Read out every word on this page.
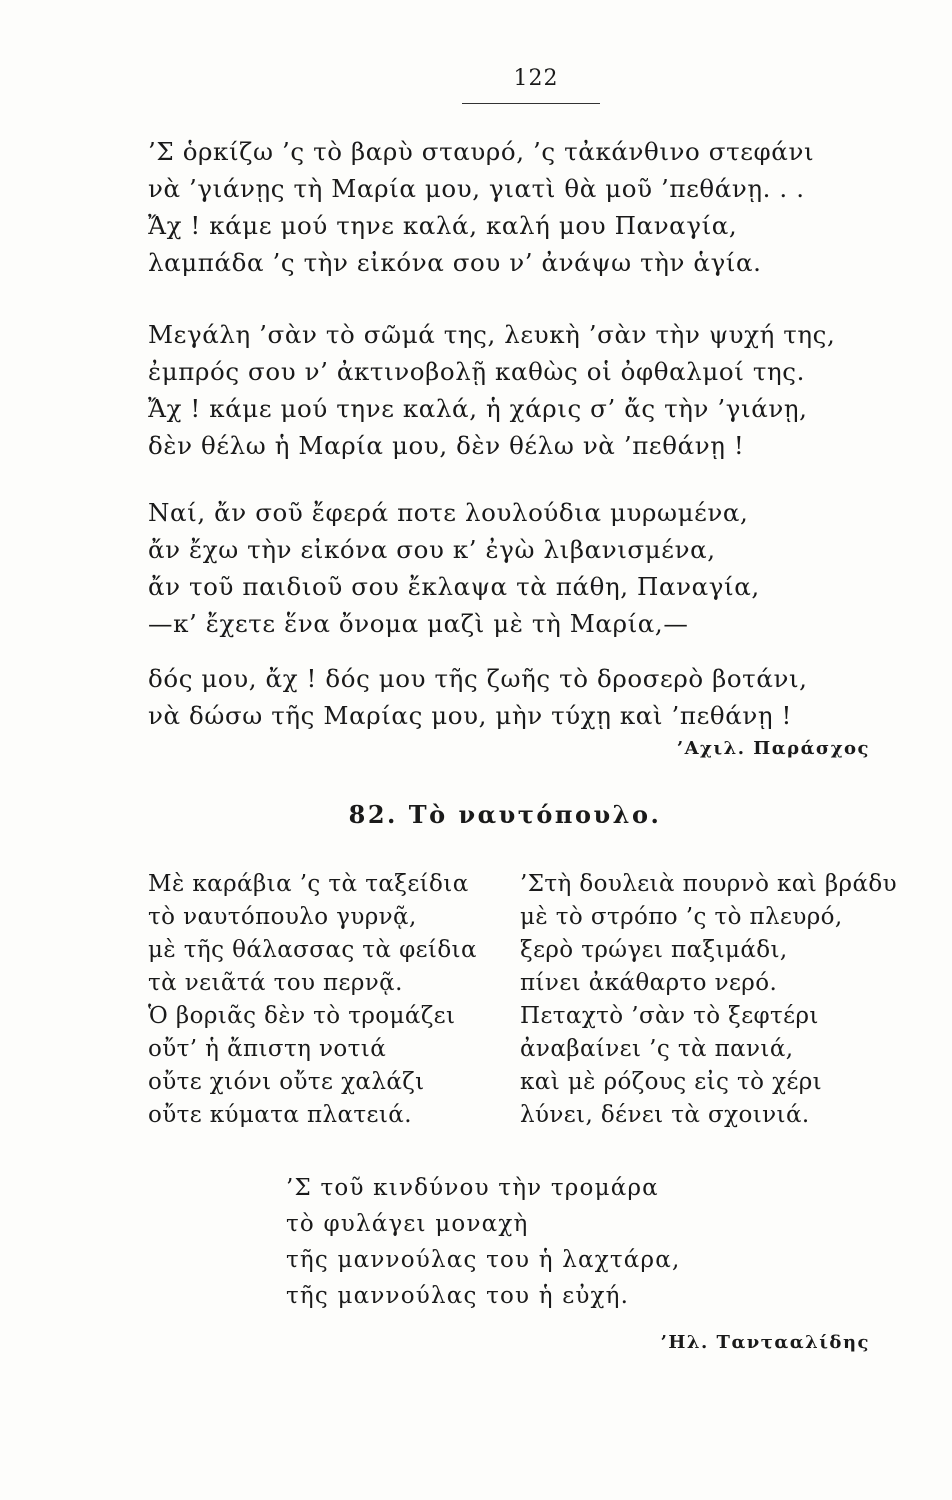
122
’Σ ὁρκίζω ’ς τὸ βαρὺ σταυρό, ’ς τἀκάνθινο στεφάνι
νὰ ’γιάνῃς τὴ Μαρία μου, γιατὶ θὰ μοῦ ’πεθάνῃ. . .
Ἄχ ! κάμε μού τηνε καλά, καλή μου Παναγία,
λαμπάδα ’ς τὴν εἰκόνα σου ν’ ἀνάψω τὴν ἁγία.
Μεγάλη ’σὰν τὸ σῶμά της, λευκὴ ’σὰν τὴν ψυχή της,
ἐμπρός σου ν’ ἀκτινοβολῇ καθὼς οἱ ὀφθαλμοί της.
Ἄχ ! κάμε μού τηνε καλά, ἡ χάρις σ’ ἄς τὴν ’γιάνῃ,
δὲν θέλω ἡ Μαρία μου, δὲν θέλω νὰ ’πεθάνῃ !
Ναί, ἄν σοῦ ἔφερά ποτε λουλούδια μυρωμένα,
ἄν ἔχω τὴν εἰκόνα σου κ’ ἐγὼ λιβανισμένα,
ἄν τοῦ παιδιοῦ σου ἔκλαψα τὰ πάθη, Παναγία,
—κ’ ἔχετε ἕνα ὄνομα μαζὶ μὲ τὴ Μαρία,—
δός μου, ἄχ ! δός μου τῆς ζωῆς τὸ δροσερὸ βοτάνι,
νὰ δώσω τῆς Μαρίας μου, μὴν τύχῃ καὶ ’πεθάνῃ !
’Αχιλ. Παράσχος
82. Τὸ ναυτόπουλο.
Μὲ καράβια ’ς τὰ ταξείδια
τὸ ναυτόπουλο γυρνᾷ,
μὲ τῆς θάλασσας τὰ φείδια
τὰ νειᾶτά του περνᾷ.
Ὁ βοριᾶς δὲν τὸ τρομάζει
οὔτ’ ἡ ἄπιστη νοτιά
οὔτε χιόνι οὔτε χαλάζι
οὔτε κύματα πλατειά.
’Στὴ δουλειὰ πουρνὸ καὶ βράδυ
μὲ τὸ στρόπο ’ς τὸ πλευρό,
ξερὸ τρώγει παξιμάδι,
πίνει ἀκάθαρτο νερό.
Πεταχτὸ ’σὰν τὸ ξεφτέρι
ἀναβαίνει ’ς τὰ πανιά,
καὶ μὲ ρόζους εἰς τὸ χέρι
λύνει, δένει τὰ σχοινιά.
’Σ τοῦ κινδύνου τὴν τρομάρα
τὸ φυλάγει μοναχὴ
τῆς μαννούλας του ἡ λαχτάρα,
τῆς μαννούλας του ἡ εὐχή.
’Ηλ. Ταντααλίδης
